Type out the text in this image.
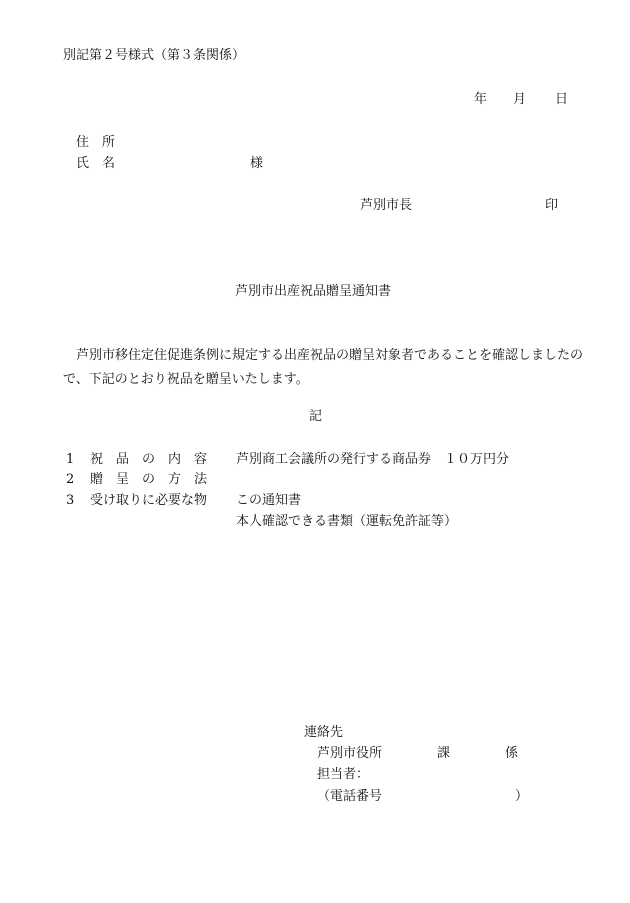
別記第２号様式（第３条関係）
年 月 日
住　所
氏　名	様
芦別市長	印
芦別市出産祝品贈呈通知書
芦別市移住定住促進条例に規定する出産祝品の贈呈対象者であることを確認しましたので、下記のとおり祝品を贈呈いたします。
記
1 祝　品　の　内　容 芦別商工会議所の発行する商品券　１０万円分
2 贈　呈　の　方　法
3 受け取りに必要な物 この通知書
本人確認できる書類（運転免許証等）
連絡先
芦別市役所	課	係
担当者：
（電話番号	）
